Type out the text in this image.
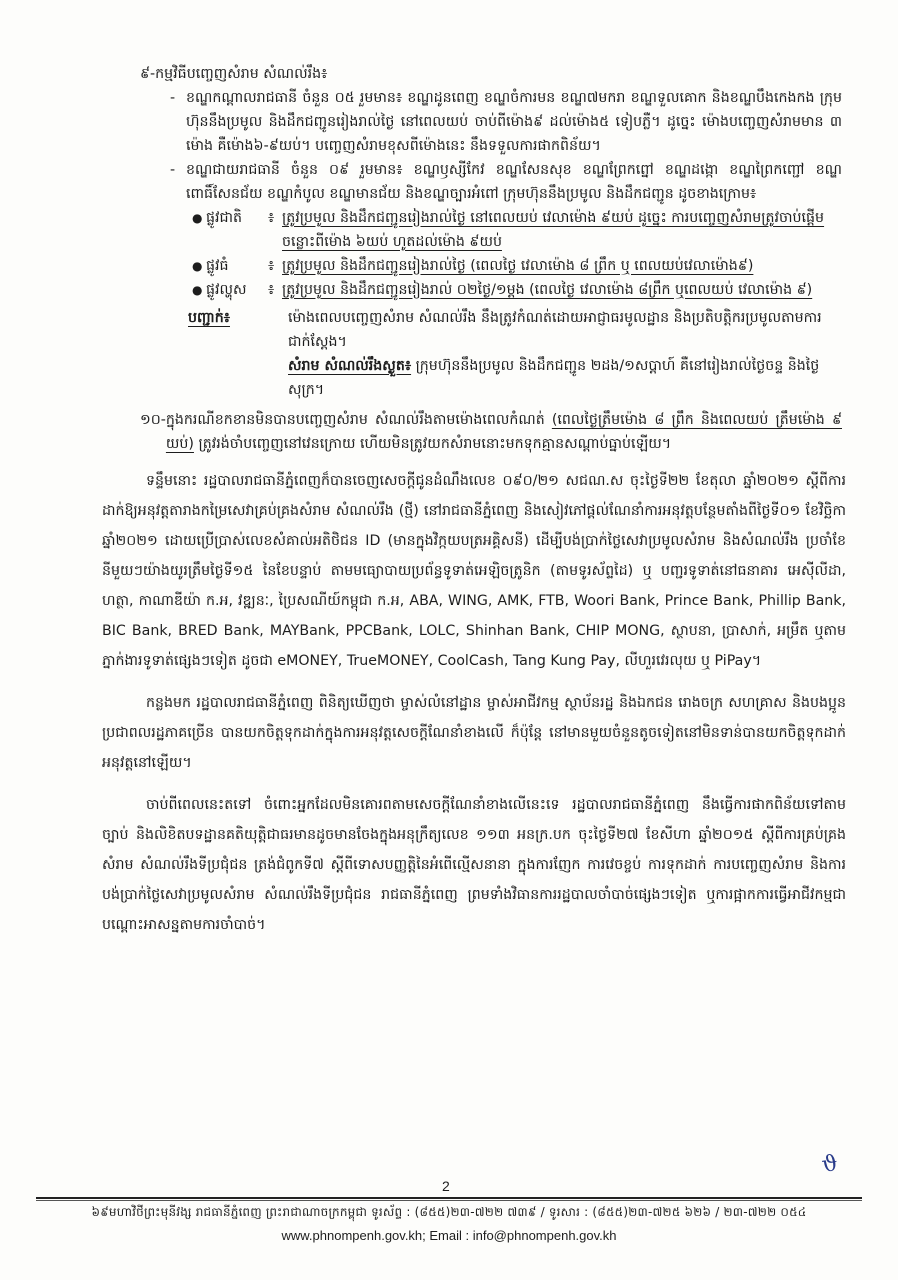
៩- កម្មវិធីបញ្ចេញសំរាម សំណល់រឹង៖
- ខណ្ឌកណ្ដាលរាជធានី ចំនួន ០៥ រួមមាន៖ ខណ្ឌដូនពេញ ខណ្ឌចំការមន ខណ្ឌ៧មករា ខណ្ឌទួលគោក និងខណ្ឌបឹងកេងកង ក្រុមហ៊ុននឹងប្រមូល និងដឹកជញ្ជូនរៀងរាល់ថ្ងៃ នៅពេលយប់ ចាប់ពីម៉ោង៩ ដល់ម៉ោង៥ ទៀបភ្លឺ។ ដូច្នេះ ម៉ោងបញ្ចេញសំរាមមាន ៣ ម៉ោង គឺម៉ោង៦-៩យប់។ បញ្ចេញសំរាមខុសពីម៉ោងនេះ នឹងទទួលការផាកពិន័យ។
- ខណ្ឌជាយរាជធានី ចំនួន ០៩ រួមមាន៖ ខណ្ឌឫស្សីកែវ ខណ្ឌសែនសុខ ខណ្ឌព្រែកព្នៅ ខណ្ឌដង្កោ ខណ្ឌព្រៃកញ្ជៅ ខណ្ឌពោធិ៍សែនជ័យ ខណ្ឌកំបូល ខណ្ឌមានជ័យ និងខណ្ឌច្បារអំពៅ ក្រុមហ៊ុននឹងប្រមូល និងដឹកជញ្ជូន ដូចខាងក្រោម៖
● ផ្លូវជាតិ	៖ ត្រូវប្រមូល និងដឹកជញ្ជូនរៀងរាល់ថ្ងៃ នៅពេលយប់ វេលាម៉ោង ៩យប់ ដូច្នេះ ការបញ្ចេញសំរាមត្រូវចាប់ផ្ដើមចន្លោះពីម៉ោង ៦យប់ ហូតដល់ម៉ោង ៩យប់
● ផ្លូវធំ	៖ ត្រូវប្រមូល និងដឹកជញ្ជូនរៀងរាល់ថ្ងៃ (ពេលថ្ងៃ វេលាម៉ោង ៨ ព្រឹក ឬ ពេលយប់វេលាម៉ោង៩)
● ផ្លូវល្ហុស	៖ ត្រូវប្រមូល និងដឹកជញ្ជូនរៀងរាល់ ០២ថ្ងៃ/១ម្ដង (ពេលថ្ងៃ វេលាម៉ោង ៨ព្រឹក ឬពេលយប់ វេលាម៉ោង ៩)
បញ្ជាក់៖	ម៉ោងពេលបញ្ចេញសំរាម សំណល់រឹង នឹងត្រូវកំណត់ដោយអាជ្ញាធរមូលដ្ឋាន និងប្រតិបត្តិករប្រមូលតាមការជាក់ស្ដែង។
សំរាម សំណល់រឹងស្ងួត៖ ក្រុមហ៊ុននឹងប្រមូល និងដឹកជញ្ជូន ២ដង/១សប្ដាហ៍ គឺនៅរៀងរាល់ថ្ងៃចន្ទ និងថ្ងៃសុក្រ។
១០- ក្នុងករណីខកខានមិនបានបញ្ចេញសំរាម សំណល់រឹងតាមម៉ោងពេលកំណត់ (ពេលថ្ងៃត្រឹមម៉ោង ៨ ព្រឹក និងពេលយប់ ត្រឹមម៉ោង ៩ យប់) ត្រូវរង់ចាំបញ្ចេញនៅវេនក្រោយ ហើយមិនត្រូវយកសំរាមនោះមកទុកគ្មានសណ្ដាប់ធ្នាប់ឡើយ។
ទន្ទឹមនោះ រដ្ឋបាលរាជធានីភ្នំពេញក៏បានចេញសេចក្ដីជូនដំណឹងលេខ ០៩០/២១ សជណ.ស ចុះថ្ងៃទី២២ ខែតុលា ឆ្នាំ២០២១ ស្ដីពីការដាក់ឱ្យអនុវត្តតារាងកម្រៃសេវាគ្រប់គ្រងសំរាម សំណល់រឹង (ថ្មី) នៅរាជធានីភ្នំពេញ និងសៀវភៅផ្ដល់ណែនាំការអនុវត្តបន្ថែមតាំងពីថ្ងៃទី០១ ខែវិច្ឆិកា ឆ្នាំ២០២១ ដោយប្រើប្រាស់លេខសំគាល់អតិថិជន ID (មានក្នុងវិក្កយបត្រអគ្គិសនី) ដើម្បីបង់ប្រាក់ថ្លៃសេវាប្រមូលសំរាម និងសំណល់រឹង ប្រចាំខែនីមួយៗយ៉ាងយូរត្រឹមថ្ងៃទី១៥ នៃខែបន្ទាប់ តាមមធ្យោបាយប្រព័ន្ធទូទាត់អេឡិចត្រូនិក (តាមទូរស័ព្ទដៃ) ឬ បញ្ជរទូទាត់នៅធនាគារ អេស៊ីលីដា, ហត្ថា, កាណាឌីយ៉ា ក.អ, វឌ្ឍនៈ, ប្រៃសណីយ៍កម្ពុជា ក.អ, ABA, WING, AMK, FTB, Woori Bank, Prince Bank, Phillip Bank, BIC Bank, BRED Bank, MAYBank, PPCBank, LOLC, Shinhan Bank, CHIP MONG, ស្ថាបនា, ប្រាសាក់, អម្រឹត ឬតាមភ្នាក់ងារទូទាត់ផ្សេងៗទៀត ដូចជា eMONEY, TrueMONEY, CoolCash, Tang Kung Pay, លីហួរវេរលុយ ឬ PiPay។
កន្លងមក រដ្ឋបាលរាជធានីភ្នំពេញ ពិនិត្យឃើញថា ម្ចាស់លំនៅដ្ឋាន ម្ចាស់អាជីវកម្ម ស្ថាប័នរដ្ឋ និងឯកជន រោងចក្រ សហគ្រាស និងបងប្អូនប្រជាពលរដ្ឋភាគច្រើន បានយកចិត្តទុកដាក់ក្នុងការអនុវត្តសេចក្ដីណែនាំខាងលើ ក៏ប៉ុន្តែ នៅមានមួយចំនួនតូចទៀតនៅមិនទាន់បានយកចិត្តទុកដាក់អនុវត្តនៅឡើយ។
ចាប់ពីពេលនេះតទៅ ចំពោះអ្នកដែលមិនគោរពតាមសេចក្ដីណែនាំខាងលើនេះទេ រដ្ឋបាលរាជធានីភ្នំពេញ នឹងធ្វើការផាកពិន័យទៅតាមច្បាប់ និងលិខិតបទដ្ឋានគតិយុត្តិជាធរមានដូចមានចែងក្នុងអនុក្រឹត្យលេខ ១១៣ អនក្រ.បក ចុះថ្ងៃទី២៧ ខែសីហា ឆ្នាំ២០១៥ ស្ដីពីការគ្រប់គ្រងសំរាម សំណល់រឹងទីប្រជុំជន ត្រង់ជំពូកទី៧ ស្ដីពីទោសបញ្ញត្តិនៃអំពើល្មើសនានា ក្នុងការញែក ការវេចខ្ចប់ ការទុកដាក់ ការបញ្ចេញសំរាម និងការបង់ប្រាក់ថ្លៃសេវាប្រមូលសំរាម សំណល់រឹងទីប្រជុំជន រាជធានីភ្នំពេញ ព្រមទាំងវិធានការរដ្ឋបាលចាំបាច់ផ្សេងៗទៀត ឬការផ្អាកការធ្វើអាជីវកម្មជាបណ្ដោះអាសន្នតាមការចាំបាច់។
2
ϑ
៦៩មហាវិថីព្រះមុនីវង្ស រាជធានីភ្នំពេញ ព្រះរាជាណាចក្រកម្ពុជា ទូរស័ព្ទ : (៨៥៥)២៣-៧២២ ៧៣៩ / ទូរសារ : (៨៥៥)២៣-៧២៥ ៦២៦ / ២៣-៧២២ ០៥៤
www.phnompenh.gov.kh; Email : info@phnompenh.gov.kh
